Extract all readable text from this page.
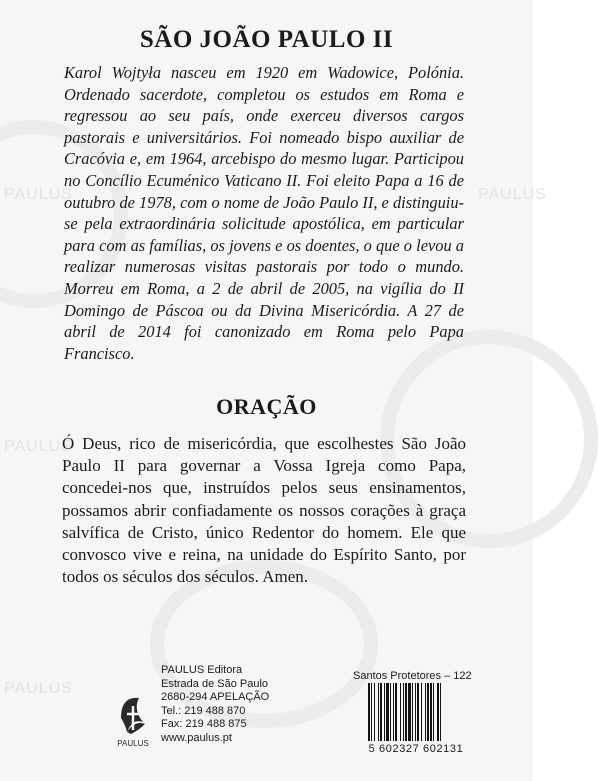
PAULUS
PAULUS
PAULUS
PAULUS
SÃO JOÃO PAULO II

Karol Wojtyła nasceu em 1920 em Wadowice, Polónia. Ordenado sacerdote, completou os estudos em Roma e regressou ao seu país, onde exerceu diversos cargos pastorais e universitários. Foi nomeado bispo auxiliar de Cracóvia e, em 1964, arcebispo do mesmo lugar. Participou no Concílio Ecuménico Vaticano II. Foi eleito Papa a 16 de outubro de 1978, com o nome de João Paulo II, e distinguiu-se pela extraordinária solicitude apostólica, em particular para com as famílias, os jovens e os doentes, o que o levou a realizar numerosas visitas pastorais por todo o mundo. Morreu em Roma, a 2 de abril de 2005, na vigília do II Domingo de Páscoa ou da Divina Misericórdia. A 27 de abril de 2014 foi canonizado em Roma pelo Papa Francisco.

ORAÇÃO

Ó Deus, rico de misericórdia, que escolhestes São João Paulo II para governar a Vossa Igreja como Papa, concedei-nos que, instruídos pelos seus ensinamentos, possamos abrir confiadamente os nossos corações à graça salvífica de Cristo, único Redentor do homem. Ele que convosco vive e reina, na unidade do Espírito Santo, por todos os séculos dos séculos. Amen.

PAULUS
PAULUS Editora
Estrada de São Paulo
2680-294 APELAÇÃO
Tel.: 219 488 870
Fax: 219 488 875
www.paulus.pt
Santos Protetores – 122
5 602327 602131
